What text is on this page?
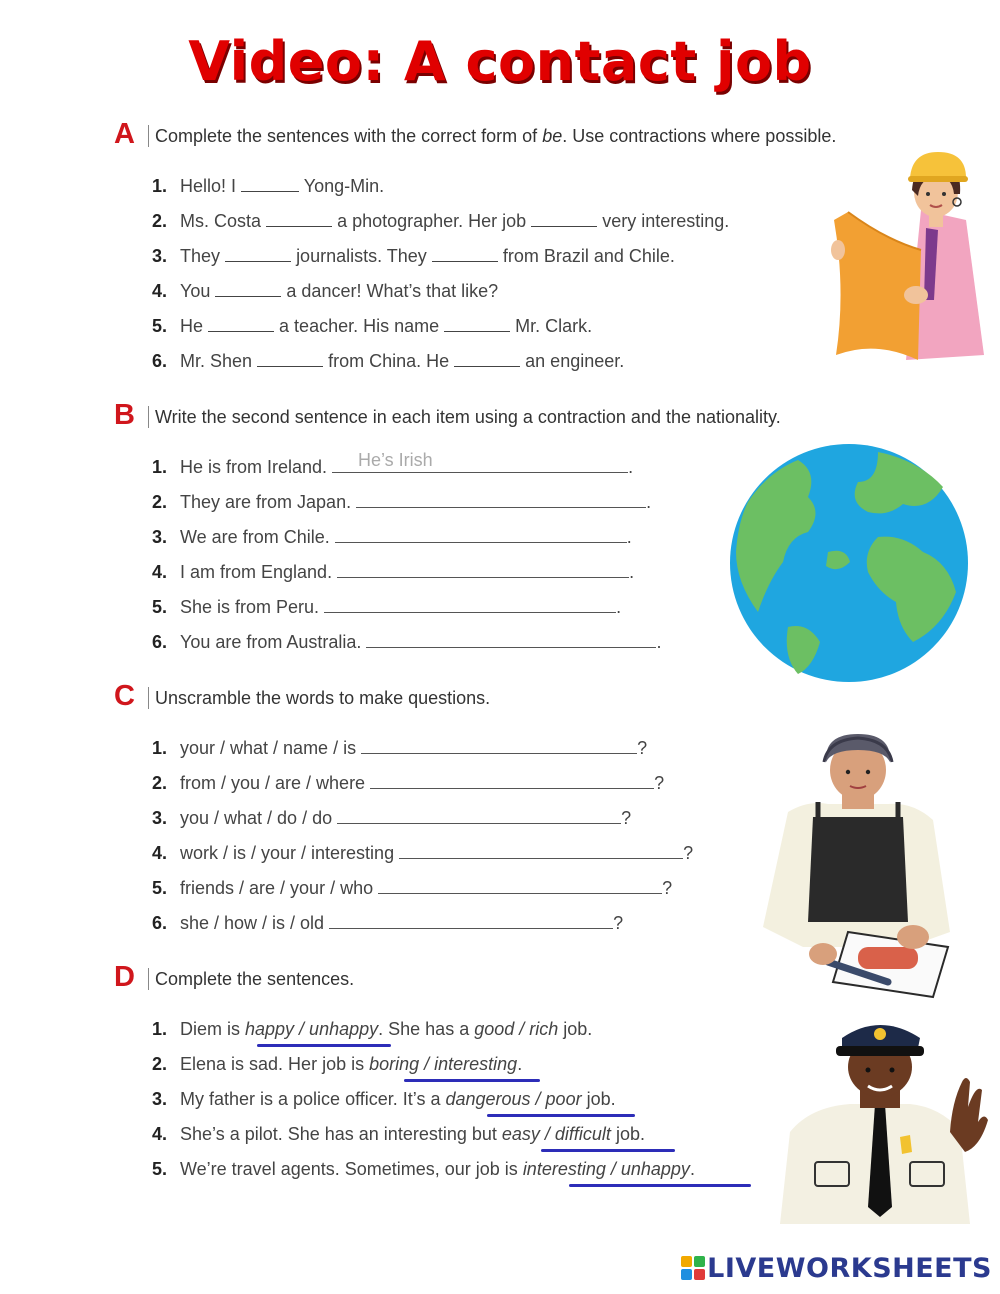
Video: A contact job
A	Complete the sentences with the correct form of be. Use contractions where possible.
1. Hello! I	Yong-Min.
2. Ms. Costa	a photographer. Her job	very interesting.
3. They	journalists. They	from Brazil and Chile.
4. You	a dancer! What’s that like?
5. He	a teacher. His name	Mr. Clark.
6. Mr. Shen	from China. He	an engineer.
B	Write the second sentence in each item using a contraction and the nationality.
He’s Irish
1. He is from Ireland.	.
2. They are from Japan.	.
3. We are from Chile.	.
4. I am from England.	.
5. She is from Peru.	.
6. You are from Australia.	.
C	Unscramble the words to make questions.
1. your / what / name / is	?
2. from / you / are / where	?
3. you / what / do / do	?
4. work / is / your / interesting	?
5. friends / are / your / who	?
6. she / how / is / old	?
D	Complete the sentences.
1. Diem is happy / unhappy. She has a good / rich job.
2. Elena is sad. Her job is boring / interesting.
3. My father is a police officer. It’s a dangerous / poor job.
4. She’s a pilot. She has an interesting but easy / difficult job.
5. We’re travel agents. Sometimes, our job is interesting / unhappy.
LIVEWORKSHEETS
